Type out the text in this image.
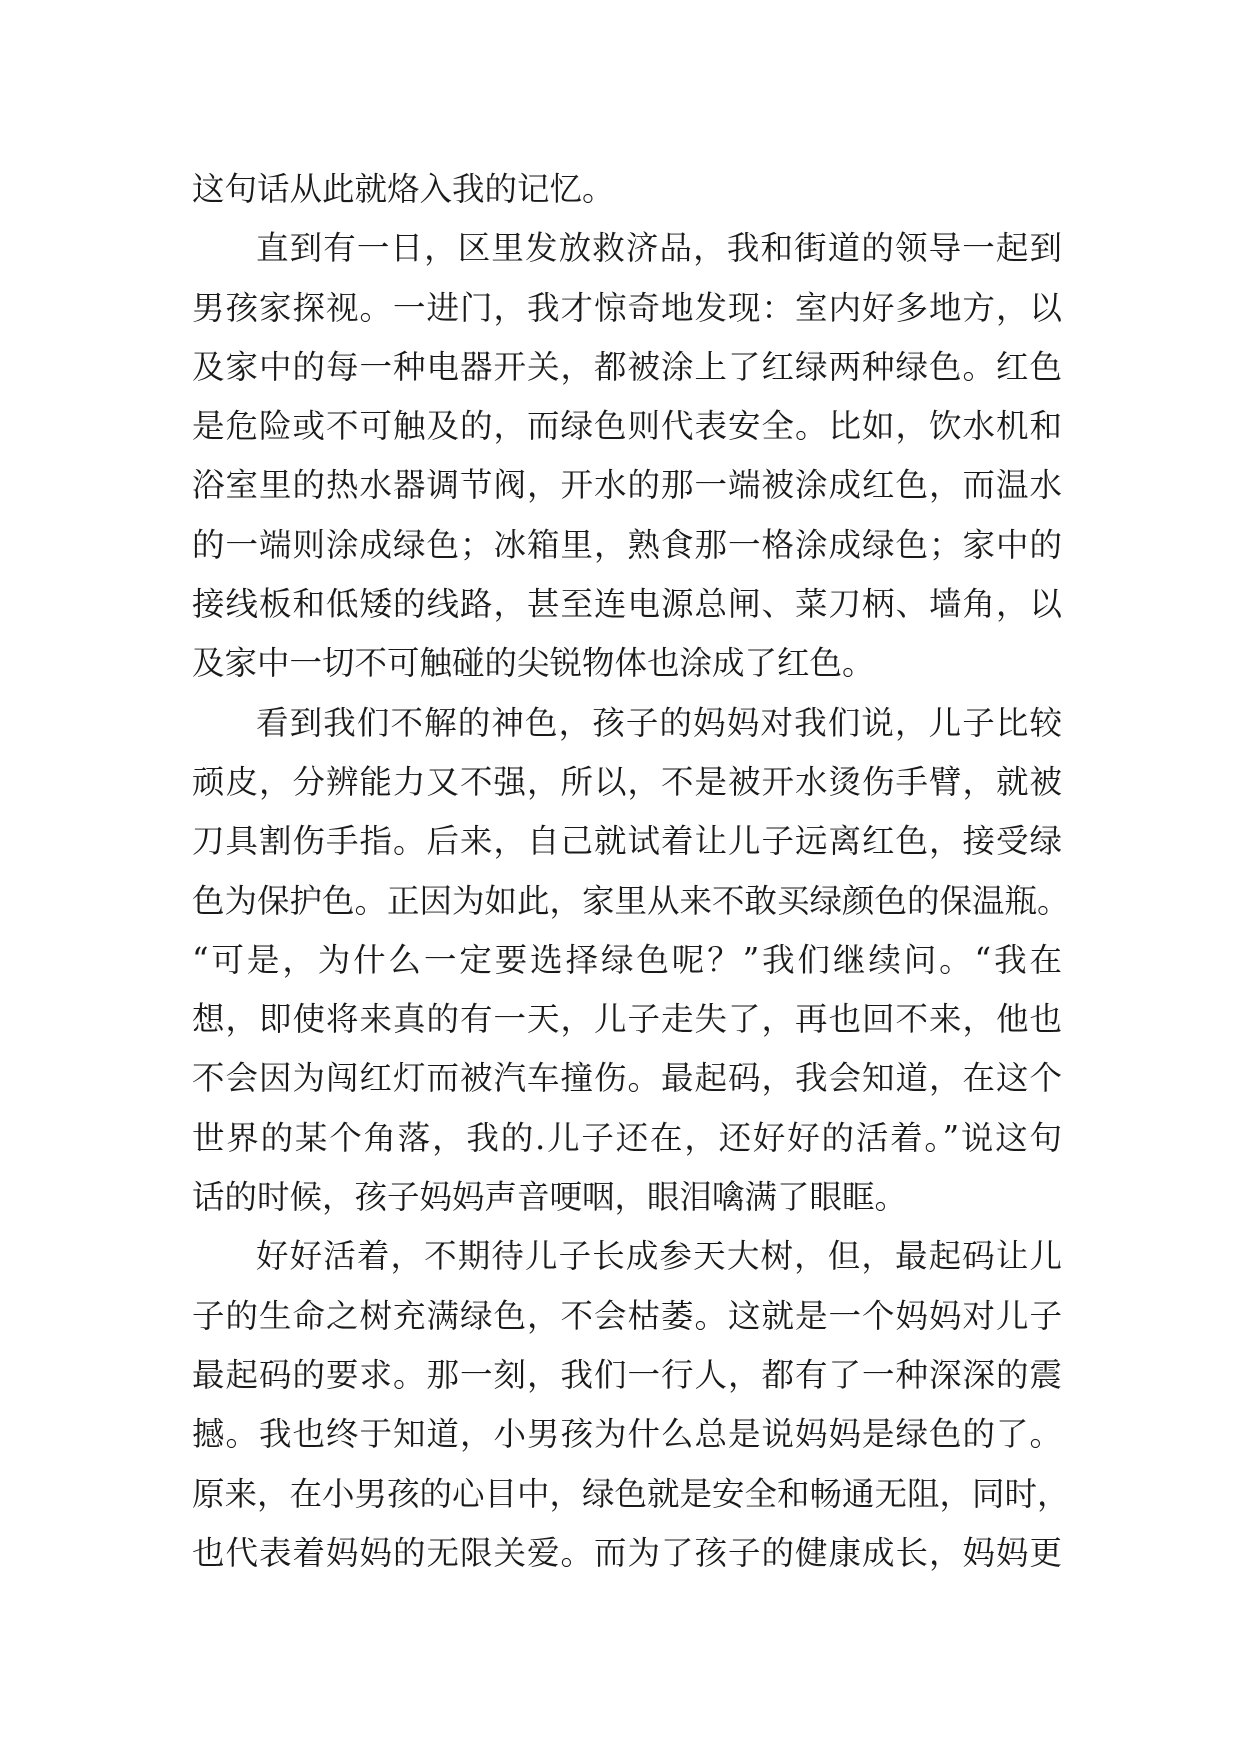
这句话从此就烙入我的记忆。
直到有一日，区里发放救济品，我和街道的领导一起到
男孩家探视。一进门，我才惊奇地发现：室内好多地方，以
及家中的每一种电器开关，都被涂上了红绿两种绿色。红色
是危险或不可触及的，而绿色则代表安全。比如，饮水机和
浴室里的热水器调节阀，开水的那一端被涂成红色，而温水
的一端则涂成绿色；冰箱里，熟食那一格涂成绿色；家中的
接线板和低矮的线路，甚至连电源总闸、菜刀柄、墙角，以
及家中一切不可触碰的尖锐物体也涂成了红色。
看到我们不解的神色，孩子的妈妈对我们说，儿子比较
顽皮，分辨能力又不强，所以，不是被开水烫伤手臂，就被
刀具割伤手指。后来，自己就试着让儿子远离红色，接受绿
色为保护色。正因为如此，家里从来不敢买绿颜色的保温瓶。
“可是，为什么一定要选择绿色呢？”我们继续问。“我在
想，即使将来真的有一天，儿子走失了，再也回不来，他也
不会因为闯红灯而被汽车撞伤。最起码，我会知道，在这个
世界的某个角落，我的.儿子还在，还好好的活着。”说这句
话的时候，孩子妈妈声音哽咽，眼泪噙满了眼眶。
好好活着，不期待儿子长成参天大树，但，最起码让儿
子的生命之树充满绿色，不会枯萎。这就是一个妈妈对儿子
最起码的要求。那一刻，我们一行人，都有了一种深深的震
撼。我也终于知道，小男孩为什么总是说妈妈是绿色的了。
原来，在小男孩的心目中，绿色就是安全和畅通无阻，同时，
也代表着妈妈的无限关爱。而为了孩子的健康成长，妈妈更
